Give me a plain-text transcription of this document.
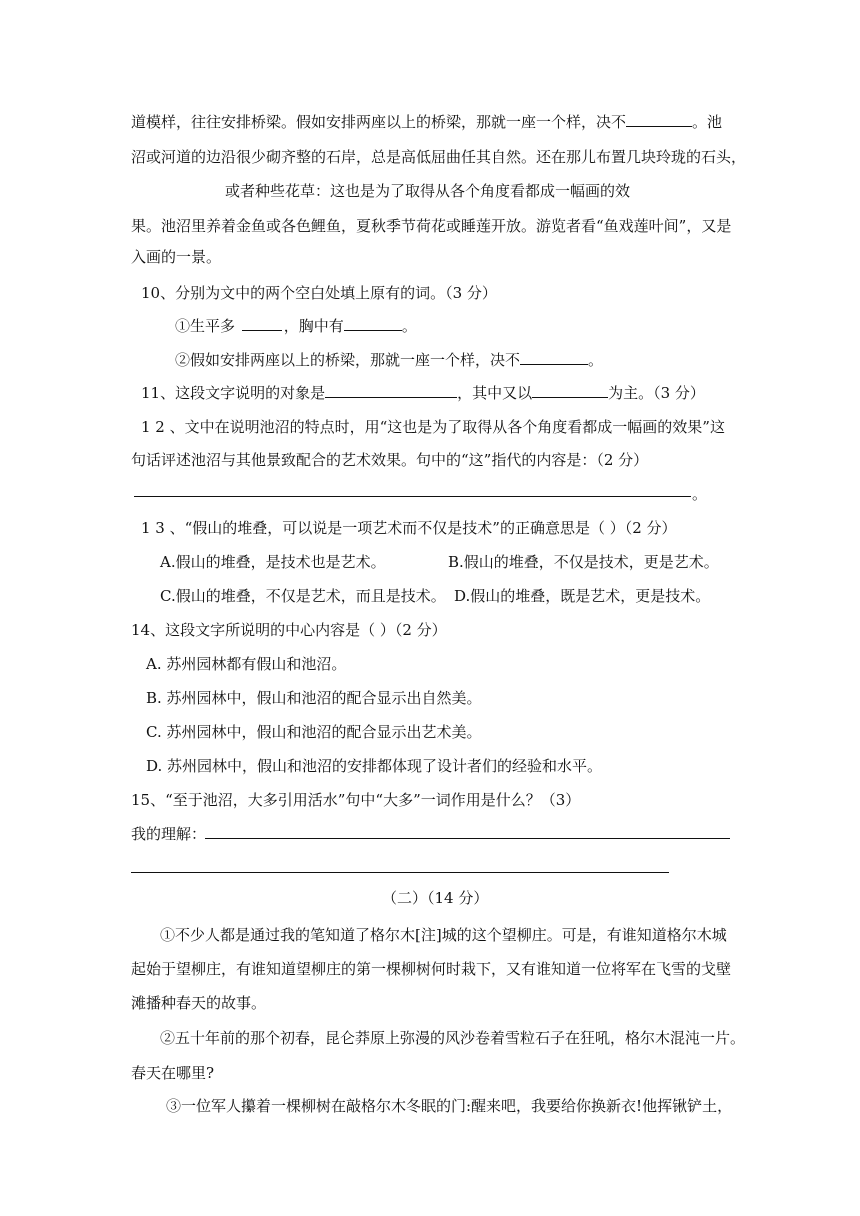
道模样，往往安排桥梁。假如安排两座以上的桥梁，那就一座一个样，决不	。池
沼或河道的边沿很少砌齐整的石岸，总是高低屈曲任其自然。还在那儿布置几块玲珑的石头，
或者种些花草：这也是为了取得从各个角度看都成一幅画的效
果。池沼里养着金鱼或各色鲤鱼，夏秋季节荷花或睡莲开放。游览者看“鱼戏莲叶间”，又是
入画的一景。
10、分别为文中的两个空白处填上原有的词。（3 分）
①生平多	，胸中有	。
②假如安排两座以上的桥梁，那就一座一个样，决不	。
11、这段文字说明的对象是	，其中又以	为主。（3 分）
1 2 、文中在说明池沼的特点时，用“这也是为了取得从各个角度看都成一幅画的效果”这
句话评述池沼与其他景致配合的艺术效果。句中的“这”指代的内容是：（2 分）
。
1 3 、“假山的堆叠，可以说是一项艺术而不仅是技术”的正确意思是（ ）（2 分）
A.假山的堆叠，是技术也是艺术。	B.假山的堆叠，不仅是技术，更是艺术。
C.假山的堆叠，不仅是艺术，而且是技术。 D.假山的堆叠，既是艺术，更是技术。
14、这段文字所说明的中心内容是（ ）（2 分）
A. 苏州园林都有假山和池沼。
B. 苏州园林中，假山和池沼的配合显示出自然美。
C. 苏州园林中，假山和池沼的配合显示出艺术美。
D. 苏州园林中，假山和池沼的安排都体现了设计者们的经验和水平。
15、“至于池沼，大多引用活水”句中“大多”一词作用是什么？（3）
我的理解：
（二）（14 分）
①不少人都是通过我的笔知道了格尔木[注]城的这个望柳庄。可是，有谁知道格尔木城
起始于望柳庄，有谁知道望柳庄的第一棵柳树何时栽下，又有谁知道一位将军在飞雪的戈壁
滩播种春天的故事。
②五十年前的那个初春，昆仑莽原上弥漫的风沙卷着雪粒石子在狂吼，格尔木混沌一片。
春天在哪里?
③一位军人攥着一棵柳树在敲格尔木冬眠的门:醒来吧，我要给你换新衣!他挥锹铲土，
